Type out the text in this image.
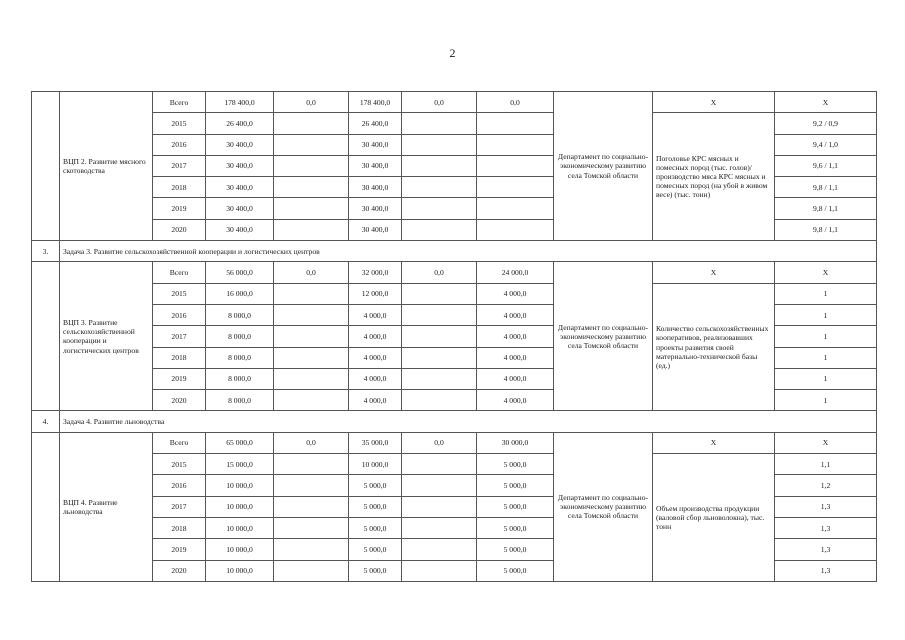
2
	ВЦП 2. Развитие мясного скотоводства	Всего	178 400,0	0,0	178 400,0	0,0	0,0	Департамент по социально-экономическому развитию села Томской области	Х	Х
		2015	26 400,0		26 400,0				Поголовье КРС мясных и помесных пород (тыс. голов)/ производство мяса КРС мясных и помесных пород (на убой в живом весе) (тыс. тонн)	9,2 / 0,9
		2016	30 400,0		30 400,0					9,4 / 1,0
		2017	30 400,0		30 400,0					9,6 / 1,1
		2018	30 400,0		30 400,0					9,8 / 1,1
		2019	30 400,0		30 400,0					9,8 / 1,1
		2020	30 400,0		30 400,0					9,8 / 1,1
3.	Задача 3. Развитие сельскохозяйственной кооперации и логистических центров									
	ВЦП 3. Развитие сельскохозяйственной кооперации и логистических центров	Всего	56 000,0	0,0	32 000,0	0,0	24 000,0	Департамент по социально-экономическому развитию села Томской области	Х	Х
		2015	16 000,0		12 000,0		4 000,0		Количество сельскохозяйственных кооперативов, реализовавших проекты развития своей материально-технической базы (ед.)	1
		2016	8 000,0		4 000,0		4 000,0			1
		2017	8 000,0		4 000,0		4 000,0			1
		2018	8 000,0		4 000,0		4 000,0			1
		2019	8 000,0		4 000,0		4 000,0			1
		2020	8 000,0		4 000,0		4 000,0			1
4.	Задача 4. Развитие льноводства									
	ВЦП 4. Развитие льноводства	Всего	65 000,0	0,0	35 000,0	0,0	30 000,0	Департамент по социально-экономическому развитию села Томской области	Х	Х
		2015	15 000,0		10 000,0		5 000,0		Объем производства продукции (валовой сбор льноволокна), тыс. тонн	1,1
		2016	10 000,0		5 000,0		5 000,0			1,2
		2017	10 000,0		5 000,0		5 000,0			1,3
		2018	10 000,0		5 000,0		5 000,0			1,3
		2019	10 000,0		5 000,0		5 000,0			1,3
		2020	10 000,0		5 000,0		5 000,0			1,3
